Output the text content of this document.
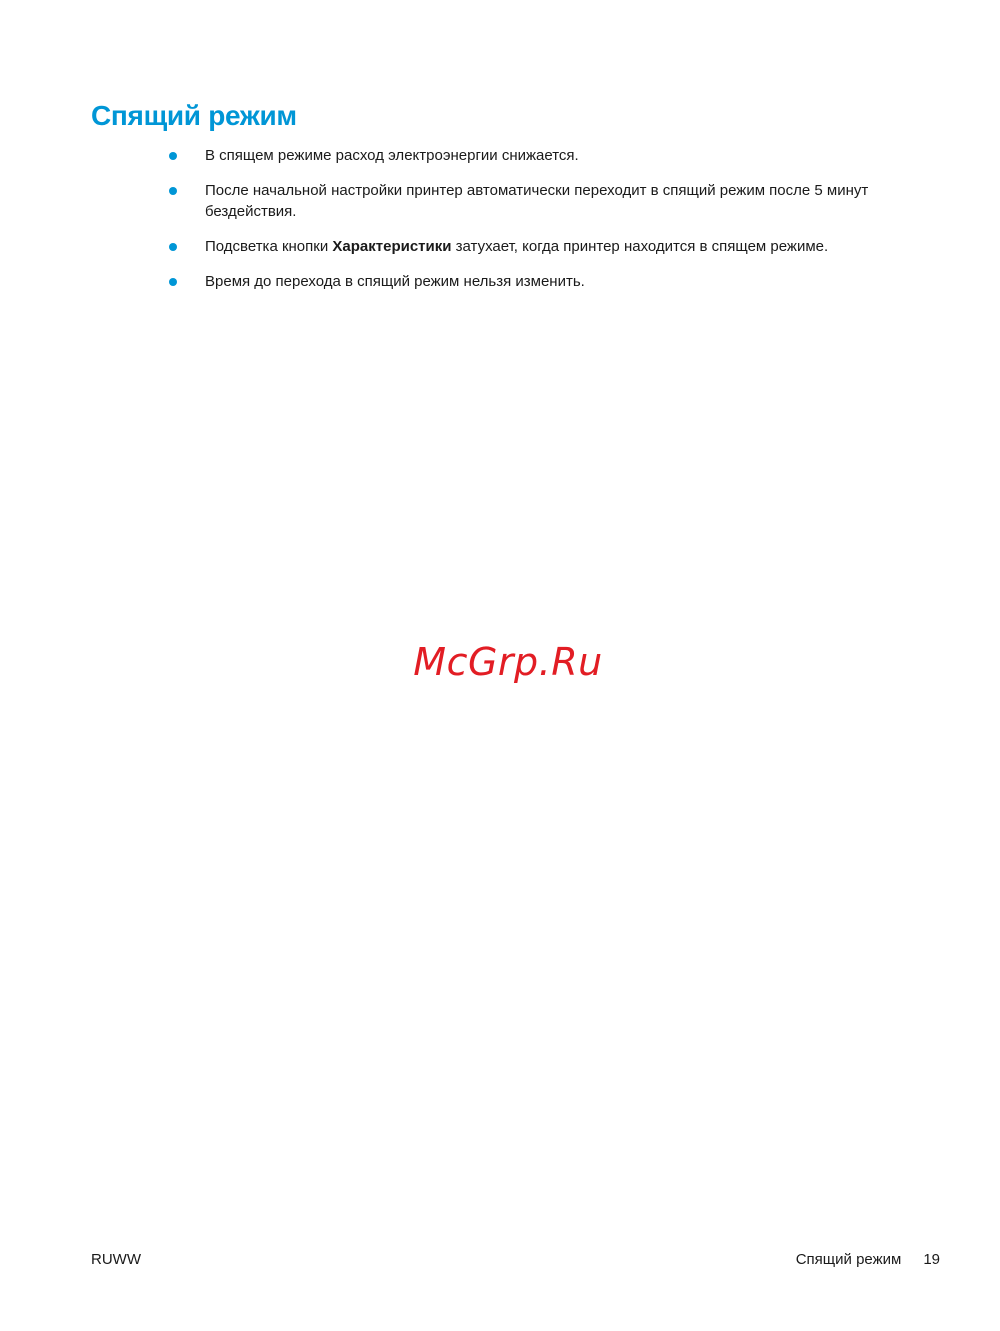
Спящий режим
В спящем режиме расход электроэнергии снижается.
После начальной настройки принтер автоматически переходит в спящий режим после 5 минут бездействия.
Подсветка кнопки Характеристики затухает, когда принтер находится в спящем режиме.
Время до перехода в спящий режим нельзя изменить.
McGrp.Ru
RUWW	Спящий режим 19
